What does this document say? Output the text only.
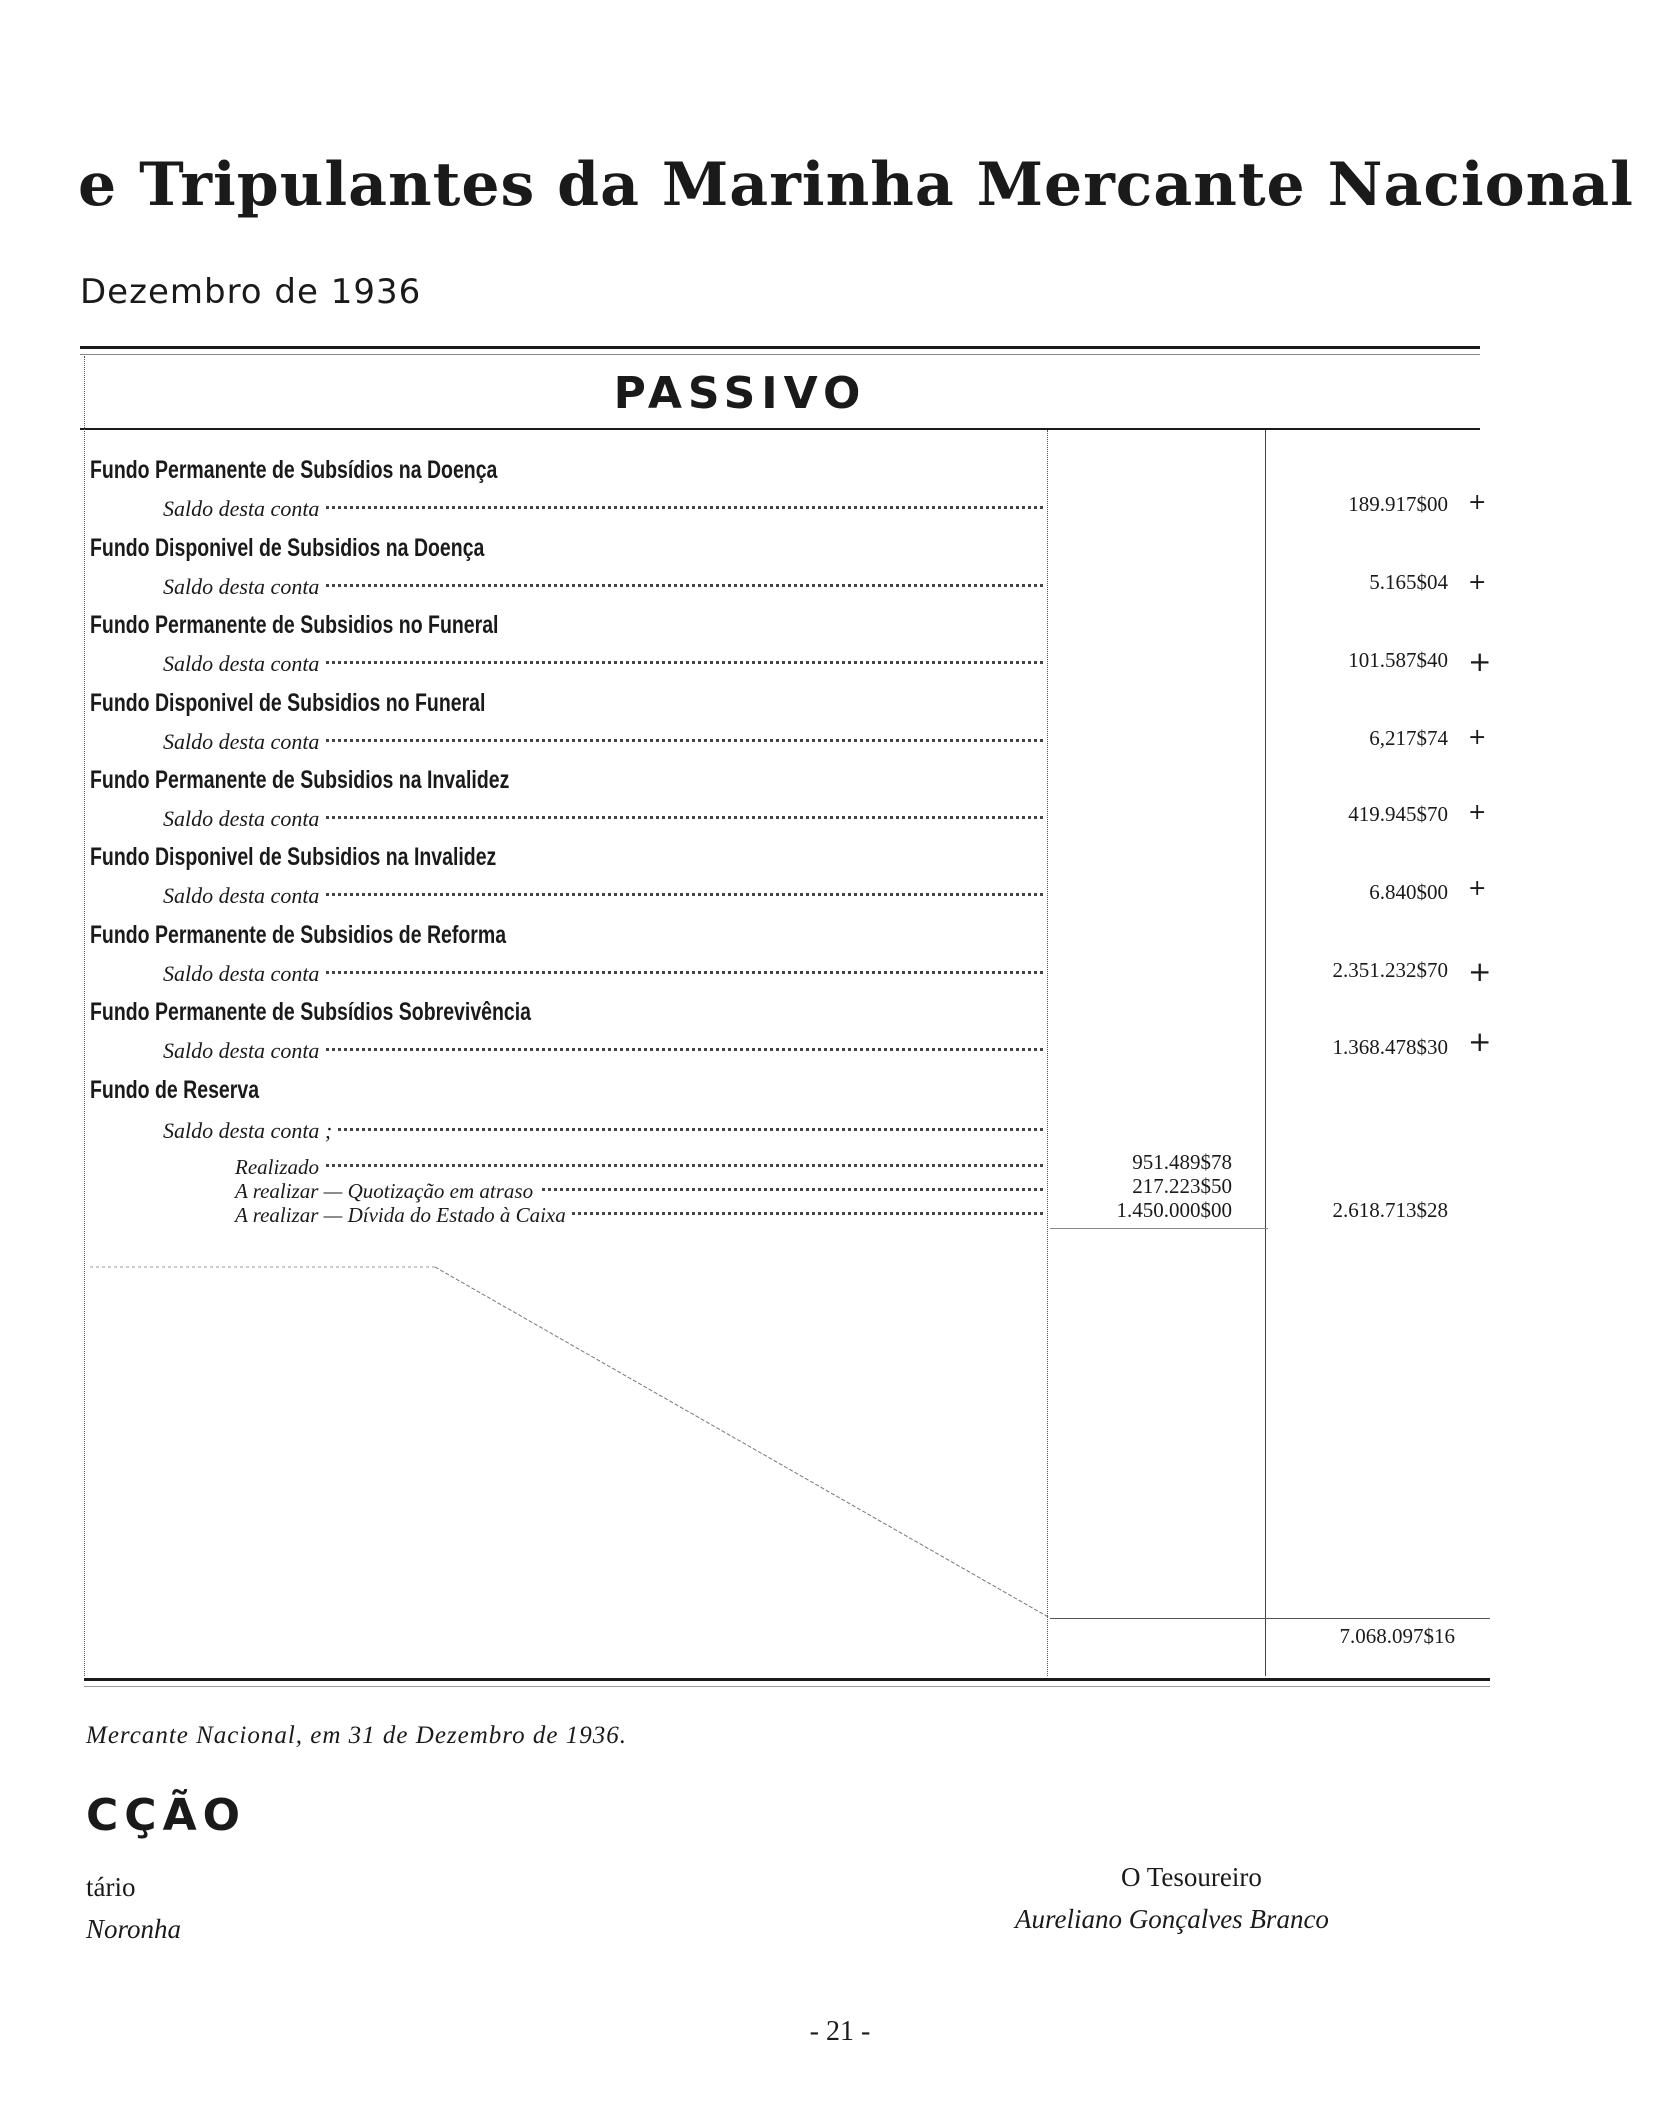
e Tripulantes da Marinha Mercante Nacional
Dezembro de 1936
PASSIVO
Fundo Permanente de Subsídios na Doença
Saldo desta conta	189.917$00 +
Fundo Disponivel de Subsidios na Doença
Saldo desta conta	5.165$04 +
Fundo Permanente de Subsidios no Funeral
Saldo desta conta	101.587$40 +
Fundo Disponivel de Subsidios no Funeral
Saldo desta conta	6,217$74 +
Fundo Permanente de Subsidios na Invalidez
Saldo desta conta	419.945$70 +
Fundo Disponivel de Subsidios na Invalidez
Saldo desta conta	6.840$00 +
Fundo Permanente de Subsidios de Reforma
Saldo desta conta	2.351.232$70 +
Fundo Permanente de Subsídios Sobrevivência
Saldo desta conta	1.368.478$30 +
Fundo de Reserva
Saldo desta conta ;
Realizado	951.489$78
A realizar — Quotização em atraso	217.223$50
A realizar — Dívida do Estado à Caixa	1.450.000$00	2.618.713$28
7.068.097$16
Mercante Nacional, em 31 de Dezembro de 1936.
CÇÃO
tário
Noronha
O Tesoureiro
Aureliano Gonçalves Branco
- 21 -
